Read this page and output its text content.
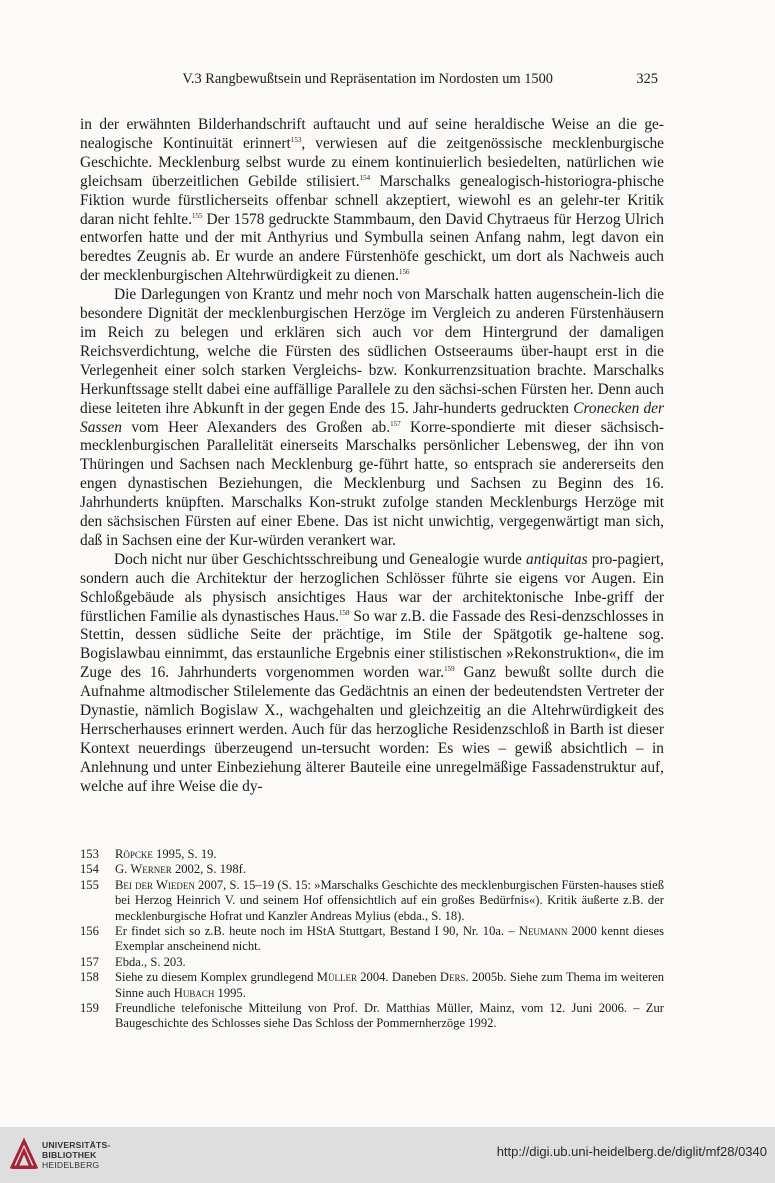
V.3 Rangbewußtsein und Repräsentation im Nordosten um 1500	325

in der erwähnten Bilderhandschrift auftaucht und auf seine heraldische Weise an die ge-nealogische Kontinuität erinnert$^{153}$, verwiesen auf die zeitgenössische mecklenburgische Geschichte. Mecklenburg selbst wurde zu einem kontinuierlich besiedelten, natürlichen wie gleichsam überzeitlichen Gebilde stilisiert.$^{154}$ Marschalks genealogisch-historiogra-phische Fiktion wurde fürstlicherseits offenbar schnell akzeptiert, wiewohl es an gelehr-ter Kritik daran nicht fehlte.$^{155}$ Der 1578 gedruckte Stammbaum, den David Chytraeus für Herzog Ulrich entworfen hatte und der mit Anthyrius und Symbulla seinen Anfang nahm, legt davon ein beredtes Zeugnis ab. Er wurde an andere Fürstenhöfe geschickt, um dort als Nachweis auch der mecklenburgischen Altehrwürdigkeit zu dienen.$^{156}$

Die Darlegungen von Krantz und mehr noch von Marschalk hatten augenschein-lich die besondere Dignität der mecklenburgischen Herzöge im Vergleich zu anderen Fürstenhäusern im Reich zu belegen und erklären sich auch vor dem Hintergrund der damaligen Reichsverdichtung, welche die Fürsten des südlichen Ostseeraums über-haupt erst in die Verlegenheit einer solch starken Vergleichs- bzw. Konkurrenzsituation brachte. Marschalks Herkunftssage stellt dabei eine auffällige Parallele zu den sächsi-schen Fürsten her. Denn auch diese leiteten ihre Abkunft in der gegen Ende des 15. Jahr-hunderts gedruckten Cronecken der Sassen vom Heer Alexanders des Großen ab.$^{157}$ Korre-spondierte mit dieser sächsisch-mecklenburgischen Parallelität einerseits Marschalks persönlicher Lebensweg, der ihn von Thüringen und Sachsen nach Mecklenburg ge-führt hatte, so entsprach sie andererseits den engen dynastischen Beziehungen, die Mecklenburg und Sachsen zu Beginn des 16. Jahrhunderts knüpften. Marschalks Kon-strukt zufolge standen Mecklenburgs Herzöge mit den sächsischen Fürsten auf einer Ebene. Das ist nicht unwichtig, vergegenwärtigt man sich, daß in Sachsen eine der Kur-würden verankert war.

Doch nicht nur über Geschichtsschreibung und Genealogie wurde antiquitas pro-pagiert, sondern auch die Architektur der herzoglichen Schlösser führte sie eigens vor Augen. Ein Schloßgebäude als physisch ansichtiges Haus war der architektonische Inbe-griff der fürstlichen Familie als dynastisches Haus.$^{158}$ So war z.B. die Fassade des Resi-denzschlosses in Stettin, dessen südliche Seite der prächtige, im Stile der Spätgotik ge-haltene sog. Bogislawbau einnimmt, das erstaunliche Ergebnis einer stilistischen »Rekonstruktion«, die im Zuge des 16. Jahrhunderts vorgenommen worden war.$^{159}$ Ganz bewußt sollte durch die Aufnahme altmodischer Stilelemente das Gedächtnis an einen der bedeutendsten Vertreter der Dynastie, nämlich Bogislaw X., wachgehalten und gleichzeitig an die Altehrwürdigkeit des Herrscherhauses erinnert werden. Auch für das herzogliche Residenzschloß in Barth ist dieser Kontext neuerdings überzeugend un-tersucht worden: Es wies – gewiß absichtlich – in Anlehnung und unter Einbeziehung älterer Bauteile eine unregelmäßige Fassadenstruktur auf, welche auf ihre Weise die dy-

153 Röpcke 1995, S. 19.
154 G. Werner 2002, S. 198f.
155 Bei der Wieden 2007, S. 15–19 (S. 15: »Marschalks Geschichte des mecklenburgischen Fürsten-hauses stieß bei Herzog Heinrich V. und seinem Hof offensichtlich auf ein großes Bedürfnis«). Kritik äußerte z.B. der mecklenburgische Hofrat und Kanzler Andreas Mylius (ebda., S. 18).
156 Er findet sich so z.B. heute noch im HStA Stuttgart, Bestand I 90, Nr. 10a. – Neumann 2000 kennt dieses Exemplar anscheinend nicht.
157 Ebda., S. 203.
158 Siehe zu diesem Komplex grundlegend Müller 2004. Daneben Ders. 2005b. Siehe zum Thema im weiteren Sinne auch Hubach 1995.
159 Freundliche telefonische Mitteilung von Prof. Dr. Matthias Müller, Mainz, vom 12. Juni 2006. – Zur Baugeschichte des Schlosses siehe Das Schloss der Pommernherzöge 1992.
UNIVERSITÄTS-
BIBLIOTHEK
HEIDELBERG
http://digi.ub.uni-heidelberg.de/diglit/mf28/0340
